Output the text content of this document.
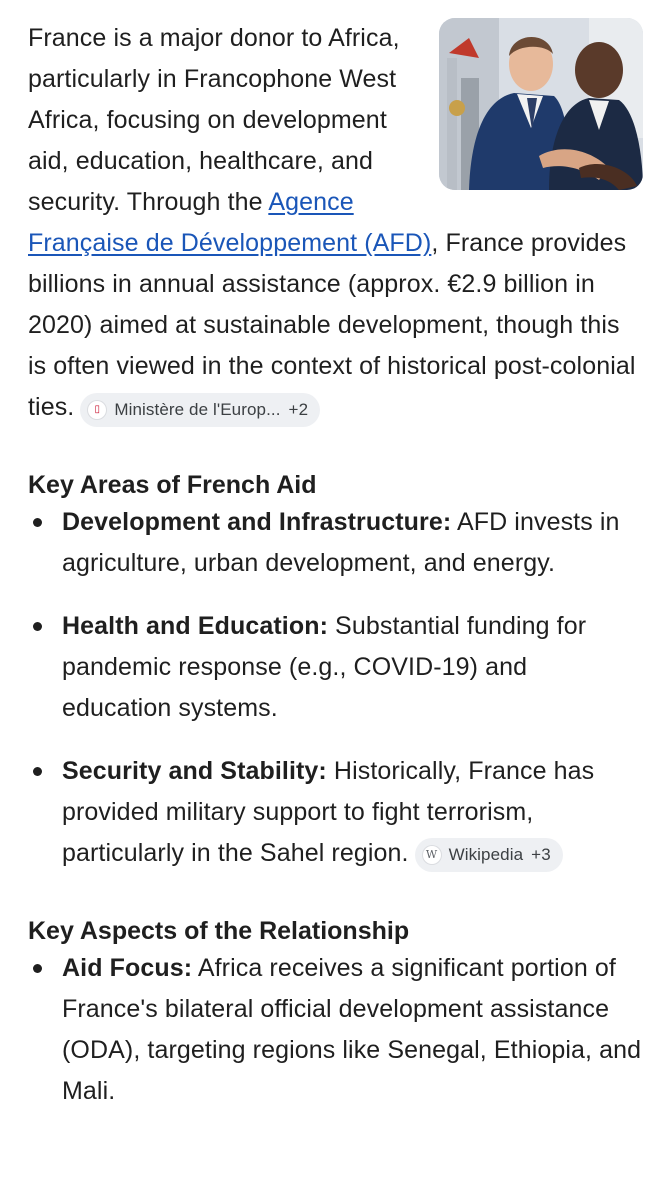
France is a major donor to Africa, particularly in Francophone West Africa, focusing on development aid, education, healthcare, and security. Through the Agence Française de Développement (AFD), France provides billions in annual assistance (approx. €2.9 billion in 2020) aimed at sustainable development, though this is often viewed in the context of historical post-colonial ties.	▯ Ministère de l'Europ... +2
Key Areas of French Aid
Development and Infrastructure: AFD invests in agriculture, urban development, and energy.
Health and Education: Substantial funding for pandemic response (e.g., COVID-19) and education systems.
Security and Stability: Historically, France has provided military support to fight terrorism, particularly in the Sahel region. W Wikipedia +3
Key Aspects of the Relationship
Aid Focus: Africa receives a significant portion of France's bilateral official development assistance (ODA), targeting regions like Senegal, Ethiopia, and Mali.
